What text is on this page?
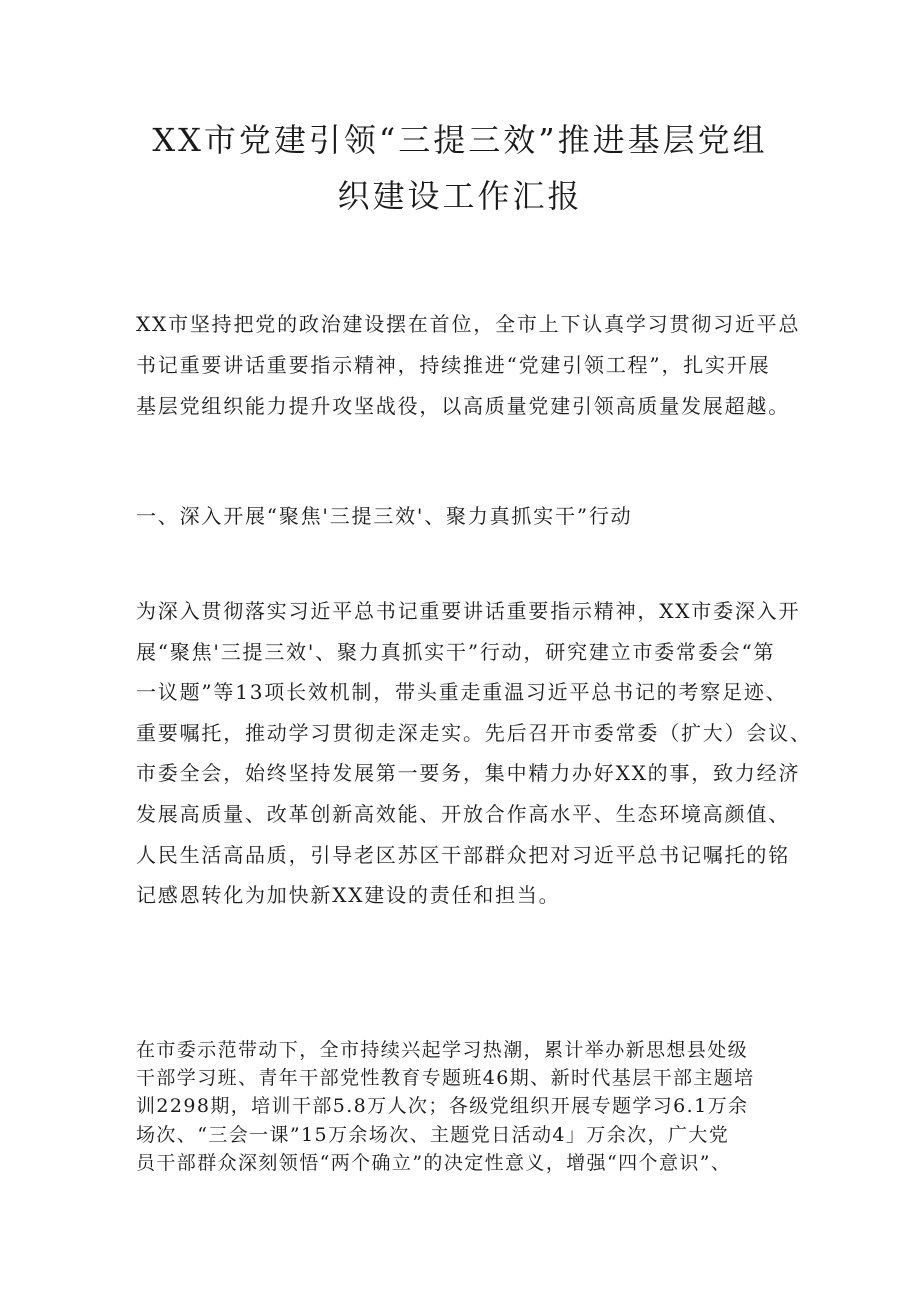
XX市党建引领“三提三效”推进基层党组
织建设工作汇报
XX市坚持把党的政治建设摆在首位，全市上下认真学习贯彻习近平总
书记重要讲话重要指示精神，持续推进“党建引领工程”，扎实开展
基层党组织能力提升攻坚战役，以高质量党建引领高质量发展超越。
一、深入开展“聚焦'三提三效'、聚力真抓实干”行动
为深入贯彻落实习近平总书记重要讲话重要指示精神，XX市委深入开
展“聚焦'三提三效'、聚力真抓实干”行动，研究建立市委常委会“第
一议题”等13项长效机制，带头重走重温习近平总书记的考察足迹、
重要嘱托，推动学习贯彻走深走实。先后召开市委常委（扩大）会议、
市委全会，始终坚持发展第一要务，集中精力办好XX的事，致力经济
发展高质量、改革创新高效能、开放合作高水平、生态环境高颜值、
人民生活高品质，引导老区苏区干部群众把对习近平总书记嘱托的铭
记感恩转化为加快新XX建设的责任和担当。
在市委示范带动下，全市持续兴起学习热潮，累计举办新思想县处级
干部学习班、青年干部党性教育专题班46期、新时代基层干部主题培
训2298期，培训干部5.8万人次；各级党组织开展专题学习6.1万余
场次、“三会一课”15万余场次、主题党日活动4」万余次，广大党
员干部群众深刻领悟“两个确立”的决定性意义，增强“四个意识”、
